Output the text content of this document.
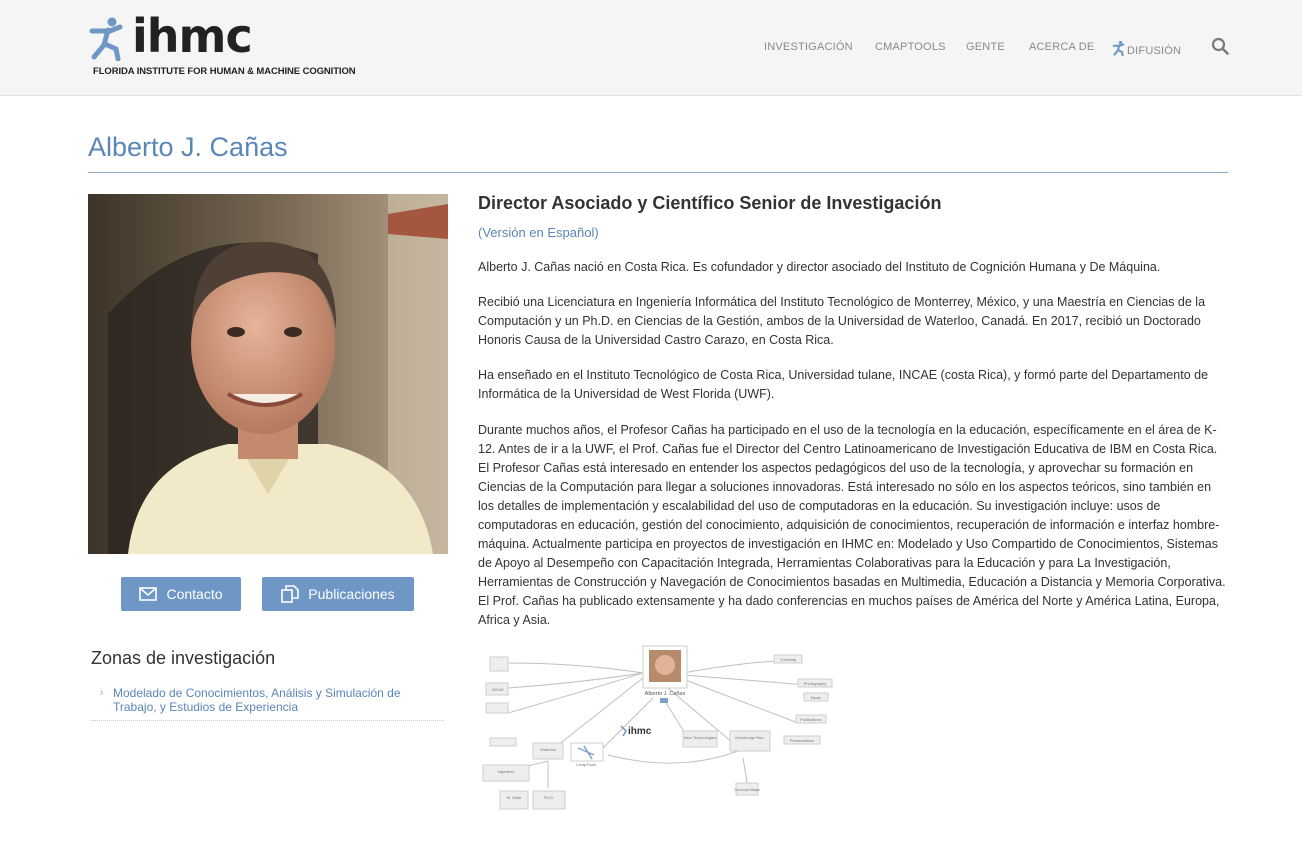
ihmc
FLORIDA INSTITUTE FOR HUMAN & MACHINE COGNITION
INVESTIGACIÓN CMAPTOOLS GENTE ACERCA DE	DIFUSIÓN
Alberto J. Cañas
Contacto	Publicaciones
Zonas de investigación
› Modelado de Conocimientos, Análisis y Simulación de Trabajo, y Estudios de Experiencia
Director Asociado y Científico Senior de Investigación
(Versión en Español)

Alberto J. Cañas nació en Costa Rica. Es cofundador y director asociado del Instituto de Cognición Humana y De Máquina.

Recibió una Licenciatura en Ingeniería Informática del Instituto Tecnológico de Monterrey, México, y una Maestría en Ciencias de la Computación y un Ph.D. en Ciencias de la Gestión, ambos de la Universidad de Waterloo, Canadá. En 2017, recibió un Doctorado Honoris Causa de la Universidad Castro Carazo, en Costa Rica.

Ha enseñado en el Instituto Tecnológico de Costa Rica, Universidad tulane, INCAE (costa Rica), y formó parte del Departamento de Informática de la Universidad de West Florida (UWF).

Durante muchos años, el Profesor Cañas ha participado en el uso de la tecnología en la educación, específicamente en el área de K-12. Antes de ir a la UWF, el Prof. Cañas fue el Director del Centro Latinoamericano de Investigación Educativa de IBM en Costa Rica. El Profesor Cañas está interesado en entender los aspectos pedagógicos del uso de la tecnología, y aprovechar su formación en Ciencias de la Computación para llegar a soluciones innovadoras. Está interesado no sólo en los aspectos teóricos, sino también en los detalles de implementación y escalabilidad del uso de computadoras en la educación. Su investigación incluye: usos de computadoras en educación, gestión del conocimiento, adquisición de conocimientos, recuperación de información e interfaz hombre-máquina. Actualmente participa en proyectos de investigación en IHMC en: Modelado y Uso Compartido de Conocimientos, Sistemas de Apoyo al Desempeño con Capacitación Integrada, Herramientas Colaborativas para la Educación y para La Investigación, Herramientas de Construcción y Navegación de Conocimientos basadas en Multimedia, Educación a Distancia y Memoria Corporativa. El Prof. Cañas ha publicado extensamente y ha dado conferencias en muchos países de América del Norte y América Latina, Europa, Africa y Asia.

Alberto J. Cañas
ihmc
Traveling
Photography
Music
Publications
Presentations
New Technologies	Knowledge Rep.
Concept Maps
Waterloo
Ingeniero
M. Math	Ph.D.
INCAE
CmapTools
